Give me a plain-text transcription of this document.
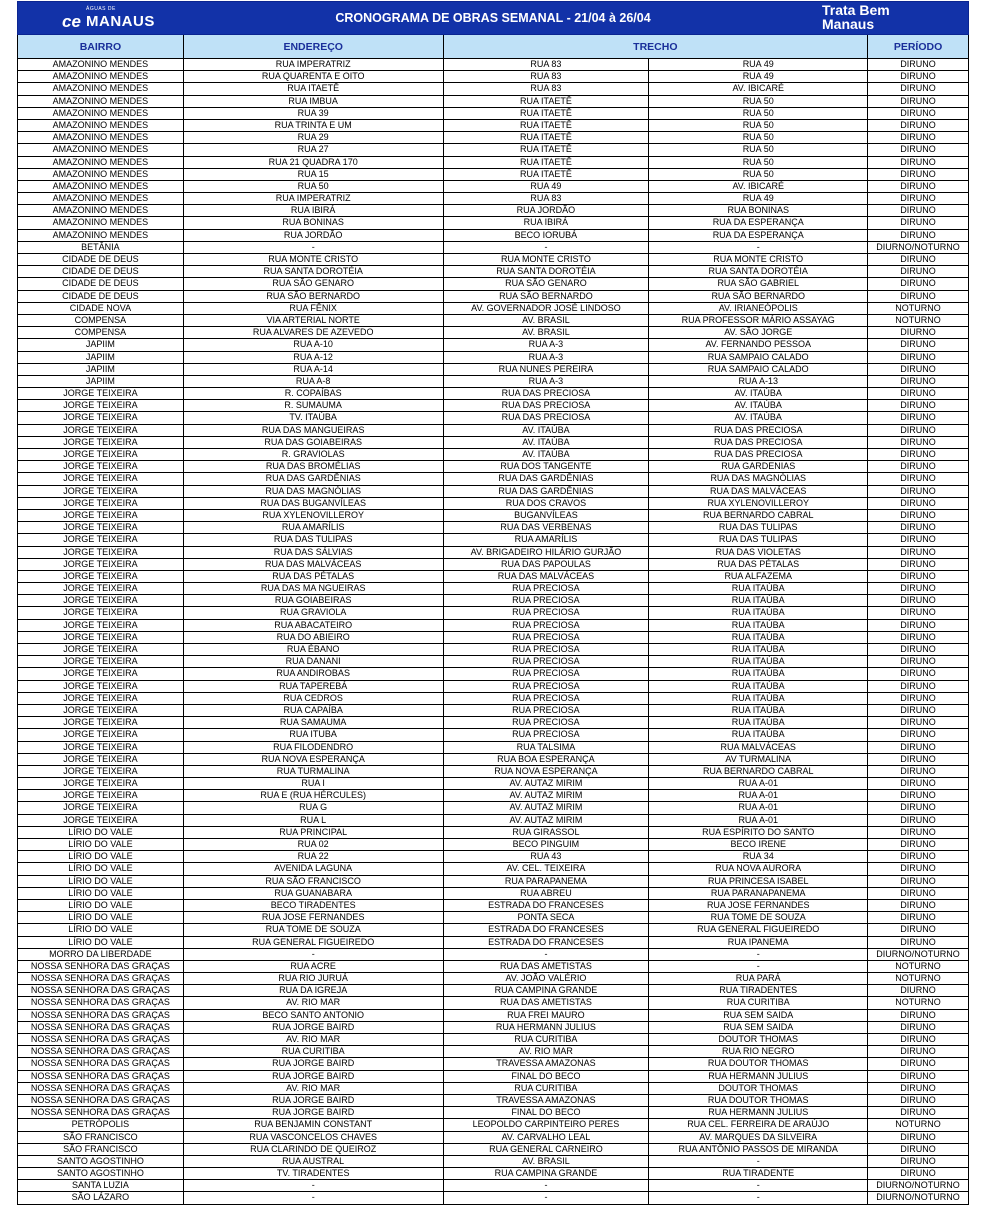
ce
ÁGUAS DE
MANAUS	CRONOGRAMA DE OBRAS SEMANAL - 21/04 à 26/04	Trata Bem
Manaus
BAIRRO	ENDEREÇO	TRECHO	PERÍODO
AMAZONINO MENDES	RUA IMPERATRIZ	RUA 83	RUA 49	DIRUNO
AMAZONINO MENDES	RUA QUARENTA E OITO	RUA 83	RUA 49	DIRUNO
AMAZONINO MENDES	RUA ITAETÊ	RUA 83	AV. IBICARÉ	DIRUNO
AMAZONINO MENDES	RUA IMBUA	RUA ITAETÊ	RUA 50	DIRUNO
AMAZONINO MENDES	RUA 39	RUA ITAETÊ	RUA 50	DIRUNO
AMAZONINO MENDES	RUA TRINTA E UM	RUA ITAETÊ	RUA 50	DIRUNO
AMAZONINO MENDES	RUA 29	RUA ITAETÊ	RUA 50	DIRUNO
AMAZONINO MENDES	RUA 27	RUA ITAETÊ	RUA 50	DIRUNO
AMAZONINO MENDES	RUA 21 QUADRA 170	RUA ITAETÊ	RUA 50	DIRUNO
AMAZONINO MENDES	RUA 15	RUA ITAETÊ	RUA 50	DIRUNO
AMAZONINO MENDES	RUA 50	RUA 49	AV. IBICARÉ	DIRUNO
AMAZONINO MENDES	RUA IMPERATRIZ	RUA 83	RUA 49	DIRUNO
AMAZONINO MENDES	RUA IBIRÁ	RUA JORDÃO	RUA BONINAS	DIRUNO
AMAZONINO MENDES	RUA BONINAS	RUA IBIRÁ	RUA DA ESPERANÇA	DIRUNO
AMAZONINO MENDES	RUA JORDÃO	BECO IORUBÁ	RUA DA ESPERANÇA	DIRUNO
BETÂNIA	-	-	-	DIURNO/NOTURNO
CIDADE DE DEUS	RUA MONTE CRISTO	RUA MONTE CRISTO	RUA MONTE CRISTO	DIRUNO
CIDADE DE DEUS	RUA SANTA DOROTÉIA	RUA SANTA DOROTÉIA	RUA SANTA DOROTÉIA	DIRUNO
CIDADE DE DEUS	RUA SÃO GENARO	RUA SÃO GENARO	RUA SÃO GABRIEL	DIRUNO
CIDADE DE DEUS	RUA SÃO BERNARDO	RUA SÃO BERNARDO	RUA SÃO BERNARDO	DIRUNO
CIDADE NOVA	RUA FÊNIX	AV. GOVERNADOR JOSÉ LINDOSO	AV. IRIANEÓPOLIS	NOTURNO
COMPENSA	VIA ARTERIAL NORTE	AV. BRASIL	RUA PROFESSOR MÁRIO ASSAYAG	NOTURNO
COMPENSA	RUA ALVARES DE AZEVEDO	AV. BRASIL	AV. SÃO JORGE	DIURNO
JAPIIM	RUA A-10	RUA A-3	AV. FERNANDO PESSOA	DIRUNO
JAPIIM	RUA A-12	RUA A-3	RUA SAMPAIO CALADO	DIRUNO
JAPIIM	RUA A-14	RUA NUNES PEREIRA	RUA SAMPAIO CALADO	DIRUNO
JAPIIM	RUA A-8	RUA A-3	RUA A-13	DIRUNO
JORGE TEIXEIRA	R. COPAÍBAS	RUA DAS PRECIOSA	AV. ITAÚBA	DIRUNO
JORGE TEIXEIRA	R. SUMAUMA	RUA DAS PRECIOSA	AV. ITAÚBA	DIRUNO
JORGE TEIXEIRA	TV. ITAÚBA	RUA DAS PRECIOSA	AV. ITAÚBA	DIRUNO
JORGE TEIXEIRA	RUA DAS MANGUEIRAS	AV. ITAÚBA	RUA DAS PRECIOSA	DIRUNO
JORGE TEIXEIRA	RUA DAS GOIABEIRAS	AV. ITAÚBA	RUA DAS PRECIOSA	DIRUNO
JORGE TEIXEIRA	R. GRAVIOLAS	AV. ITAÚBA	RUA DAS PRECIOSA	DIRUNO
JORGE TEIXEIRA	RUA DAS BROMÉLIAS	RUA DOS TANGENTE	RUA GARDENIAS	DIRUNO
JORGE TEIXEIRA	RUA DAS GARDÊNIAS	RUA DAS GARDÊNIAS	RUA DAS MAGNÓLIAS	DIRUNO
JORGE TEIXEIRA	RUA DAS MAGNÓLIAS	RUA DAS GARDÊNIAS	RUA DAS MALVÁCEAS	DIRUNO
JORGE TEIXEIRA	RUA DAS BUGANVÍLEAS	RUA DOS CRAVOS	RUA XYLENOVILLEROY	DIRUNO
JORGE TEIXEIRA	RUA XYLENOVILLEROY	BUGANVÍLEAS	RUA BERNARDO CABRAL	DIRUNO
JORGE TEIXEIRA	RUA AMARÍLIS	RUA DAS VERBENAS	RUA DAS TULIPAS	DIRUNO
JORGE TEIXEIRA	RUA DAS TULIPAS	RUA AMARÍLIS	RUA DAS TULIPAS	DIRUNO
JORGE TEIXEIRA	RUA DAS SÁLVIAS	AV. BRIGADEIRO HILÁRIO GURJÃO	RUA DAS VIOLETAS	DIRUNO
JORGE TEIXEIRA	RUA DAS MALVÁCEAS	RUA DAS PAPOULAS	RUA DAS PÉTALAS	DIRUNO
JORGE TEIXEIRA	RUA DAS PÉTALAS	RUA DAS MALVÁCEAS	RUA ALFAZEMA	DIRUNO
JORGE TEIXEIRA	RUA DAS MA NGUEIRAS	RUA PRECIOSA	RUA ITAÚBA	DIRUNO
JORGE TEIXEIRA	RUA GOIABEIRAS	RUA PRECIOSA	RUA ITAÚBA	DIRUNO
JORGE TEIXEIRA	RUA GRAVIOLA	RUA PRECIOSA	RUA ITAÚBA	DIRUNO
JORGE TEIXEIRA	RUA ABACATEIRO	RUA PRECIOSA	RUA ITAÚBA	DIRUNO
JORGE TEIXEIRA	RUA DO ABIEIRO	RUA PRECIOSA	RUA ITAÚBA	DIRUNO
JORGE TEIXEIRA	RUA ÉBANO	RUA PRECIOSA	RUA ITAÚBA	DIRUNO
JORGE TEIXEIRA	RUA DANANI	RUA PRECIOSA	RUA ITAÚBA	DIRUNO
JORGE TEIXEIRA	RUA ANDIROBAS	RUA PRECIOSA	RUA ITAÚBA	DIRUNO
JORGE TEIXEIRA	RUA TAPEREBÁ	RUA PRECIOSA	RUA ITAÚBA	DIRUNO
JORGE TEIXEIRA	RUA CEDROS	RUA PRECIOSA	RUA ITAÚBA	DIRUNO
JORGE TEIXEIRA	RUA CAPAÍBA	RUA PRECIOSA	RUA ITAÚBA	DIRUNO
JORGE TEIXEIRA	RUA SAMAUMA	RUA PRECIOSA	RUA ITAÚBA	DIRUNO
JORGE TEIXEIRA	RUA ITUBA	RUA PRECIOSA	RUA ITAÚBA	DIRUNO
JORGE TEIXEIRA	RUA FILODENDRO	RUA TALSIMA	RUA MALVÁCEAS	DIRUNO
JORGE TEIXEIRA	RUA NOVA ESPERANÇA	RUA BOA ESPERANÇA	AV TURMALINA	DIRUNO
JORGE TEIXEIRA	RUA TURMALINA	RUA NOVA ESPERANÇA	RUA BERNARDO CABRAL	DIRUNO
JORGE TEIXEIRA	RUA I	AV. AUTAZ MIRIM	RUA A-01	DIRUNO
JORGE TEIXEIRA	RUA E (RUA HÉRCULES)	AV. AUTAZ MIRIM	RUA A-01	DIRUNO
JORGE TEIXEIRA	RUA G	AV. AUTAZ MIRIM	RUA A-01	DIRUNO
JORGE TEIXEIRA	RUA L	AV. AUTAZ MIRIM	RUA A-01	DIRUNO
LÍRIO DO VALE	RUA PRINCIPAL	RUA GIRASSOL	RUA ESPÍRITO DO SANTO	DIRUNO
LÍRIO DO VALE	RUA 02	BECO PINGUIM	BECO IRENE	DIRUNO
LÍRIO DO VALE	RUA 22	RUA 43	RUA 34	DIRUNO
LÍRIO DO VALE	AVENIDA LAGUNA	AV. CEL. TEIXEIRA	RUA NOVA AURORA	DIRUNO
LÍRIO DO VALE	RUA SÃO FRANCISCO	RUA PARAPANEMA	RUA PRINCESA ISABEL	DIRUNO
LÍRIO DO VALE	RUA GUANABARA	RUA ABREU	RUA PARANAPANEMA	DIRUNO
LÍRIO DO VALE	BECO TIRADENTES	ESTRADA DO FRANCESES	RUA JOSE FERNANDES	DIRUNO
LÍRIO DO VALE	RUA JOSE FERNANDES	PONTA SECA	RUA TOME DE SOUZA	DIRUNO
LÍRIO DO VALE	RUA TOME DE SOUZA	ESTRADA DO FRANCESES	RUA GENERAL FIGUEIREDO	DIRUNO
LÍRIO DO VALE	RUA GENERAL FIGUEIREDO	ESTRADA DO FRANCESES	RUA IPANEMA	DIRUNO
MORRO DA LIBERDADE	-	-	-	DIURNO/NOTURNO
NOSSA SENHORA DAS GRAÇAS	RUA ACRE	RUA DAS AMETISTAS	-	NOTURNO
NOSSA SENHORA DAS GRAÇAS	RUA RIO JURUÁ	AV. JOÃO VALÉRIO	RUA PARÁ	NOTURNO
NOSSA SENHORA DAS GRAÇAS	RUA DA IGREJA	RUA CAMPINA GRANDE	RUA TIRADENTES	DIURNO
NOSSA SENHORA DAS GRAÇAS	AV. RIO MAR	RUA DAS AMETISTAS	RUA CURITIBA	NOTURNO
NOSSA SENHORA DAS GRAÇAS	BECO SANTO ANTONIO	RUA FREI MAURO	RUA SEM SAIDA	DIRUNO
NOSSA SENHORA DAS GRAÇAS	RUA JORGE BAIRD	RUA HERMANN JULIUS	RUA SEM SAIDA	DIRUNO
NOSSA SENHORA DAS GRAÇAS	AV. RIO MAR	RUA CURITIBA	DOUTOR THOMAS	DIRUNO
NOSSA SENHORA DAS GRAÇAS	RUA CURITIBA	AV. RIO MAR	RUA RIO NEGRO	DIRUNO
NOSSA SENHORA DAS GRAÇAS	RUA JORGE BAIRD	TRAVESSA AMAZONAS	RUA DOUTOR THOMAS	DIRUNO
NOSSA SENHORA DAS GRAÇAS	RUA JORGE BAIRD	FINAL DO BECO	RUA HERMANN JULIUS	DIRUNO
NOSSA SENHORA DAS GRAÇAS	AV. RIO MAR	RUA CURITIBA	DOUTOR THOMAS	DIRUNO
NOSSA SENHORA DAS GRAÇAS	RUA JORGE BAIRD	TRAVESSA AMAZONAS	RUA DOUTOR THOMAS	DIRUNO
NOSSA SENHORA DAS GRAÇAS	RUA JORGE BAIRD	FINAL DO BECO	RUA HERMANN JULIUS	DIRUNO
PETRÓPOLIS	RUA BENJAMIN CONSTANT	LEOPOLDO CARPINTEIRO PERES	RUA CEL. FERREIRA DE ARAÚJO	NOTURNO
SÃO FRANCISCO	RUA VASCONCELOS CHAVES	AV. CARVALHO LEAL	AV. MARQUES DA SILVEIRA	DIRUNO
SÃO FRANCISCO	RUA CLARINDO DE QUEIROZ	RUA GENERAL CARNEIRO	RUA ANTÔNIO PASSOS DE MIRANDA	DIRUNO
SANTO AGOSTINHO	RUA AUSTRAL	AV. BRASIL	-	DIRUNO
SANTO AGOSTINHO	TV. TIRADENTES	RUA CAMPINA GRANDE	RUA TIRADENTE	DIRUNO
SANTA LUZIA	-	-	-	DIURNO/NOTURNO
SÃO LÁZARO	-	-	-	DIURNO/NOTURNO
